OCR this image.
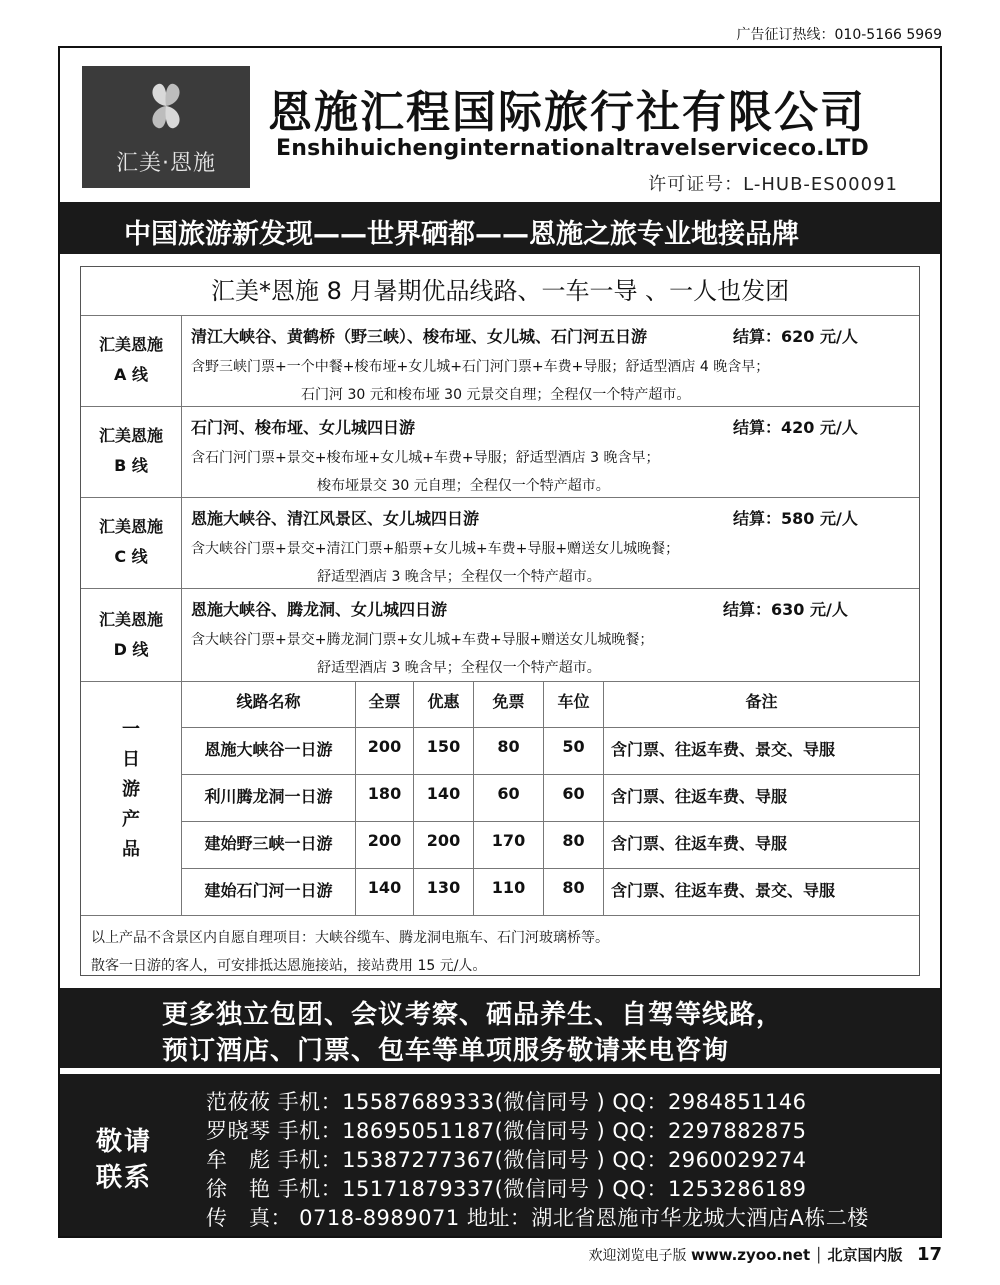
广告征订热线：010-5166 5969
汇美·恩施
恩施汇程国际旅行社有限公司
Enshihuichenginternationaltravelserviceco.LTD
许可证号：L-HUB-ES00091
中国旅游新发现——世界硒都——恩施之旅专业地接品牌
汇美*恩施 8 月暑期优品线路、一车一导 、一人也发团
汇美恩施
A 线
清江大峡谷、黄鹤桥（野三峡）、梭布垭、女儿城、石门河五日游	结算：620 元/人
含野三峡门票+一个中餐+梭布垭+女儿城+石门河门票+车费+导服；舒适型酒店 4 晚含早；
石门河 30 元和梭布垭 30 元景交自理；全程仅一个特产超市。
汇美恩施
B 线
石门河、梭布垭、女儿城四日游	结算：420 元/人
含石门河门票+景交+梭布垭+女儿城+车费+导服；舒适型酒店 3 晚含早；
梭布垭景交 30 元自理；全程仅一个特产超市。
汇美恩施
C 线
恩施大峡谷、清江风景区、女儿城四日游	结算：580 元/人
含大峡谷门票+景交+清江门票+船票+女儿城+车费+导服+赠送女儿城晚餐；
舒适型酒店 3 晚含早；全程仅一个特产超市。
汇美恩施
D 线
恩施大峡谷、腾龙洞、女儿城四日游	结算：630 元/人
含大峡谷门票+景交+腾龙洞门票+女儿城+车费+导服+赠送女儿城晚餐；
舒适型酒店 3 晚含早；全程仅一个特产超市。
一
日
游
产
品
线路名称	全票	优惠	免票	车位	备注
恩施大峡谷一日游	200	150	80	50	含门票、往返车费、景交、导服
利川腾龙洞一日游	180	140	60	60	含门票、往返车费、导服
建始野三峡一日游	200	200	170	80	含门票、往返车费、导服
建始石门河一日游	140	130	110	80	含门票、往返车费、景交、导服
以上产品不含景区内自愿自理项目：大峡谷缆车、腾龙洞电瓶车、石门河玻璃桥等。
散客一日游的客人，可安排抵达恩施接站，接站费用 15 元/人。
更多独立包团、会议考察、硒品养生、自驾等线路，
预订酒店、门票、包车等单项服务敬请来电咨询
敬请
联系
范莜莜 手机：15587689333(微信同号 ) QQ：2984851146
罗晓琴 手机：18695051187(微信同号 ) QQ：2297882875
牟　彪 手机：15387277367(微信同号 ) QQ：2960029274
徐　艳 手机：15171879337(微信同号 ) QQ：1253286189
传　真： 0718-8989071 地址：湖北省恩施市华龙城大酒店A栋二楼
欢迎浏览电子版 www.zyoo.net │ 北京国内版 17
